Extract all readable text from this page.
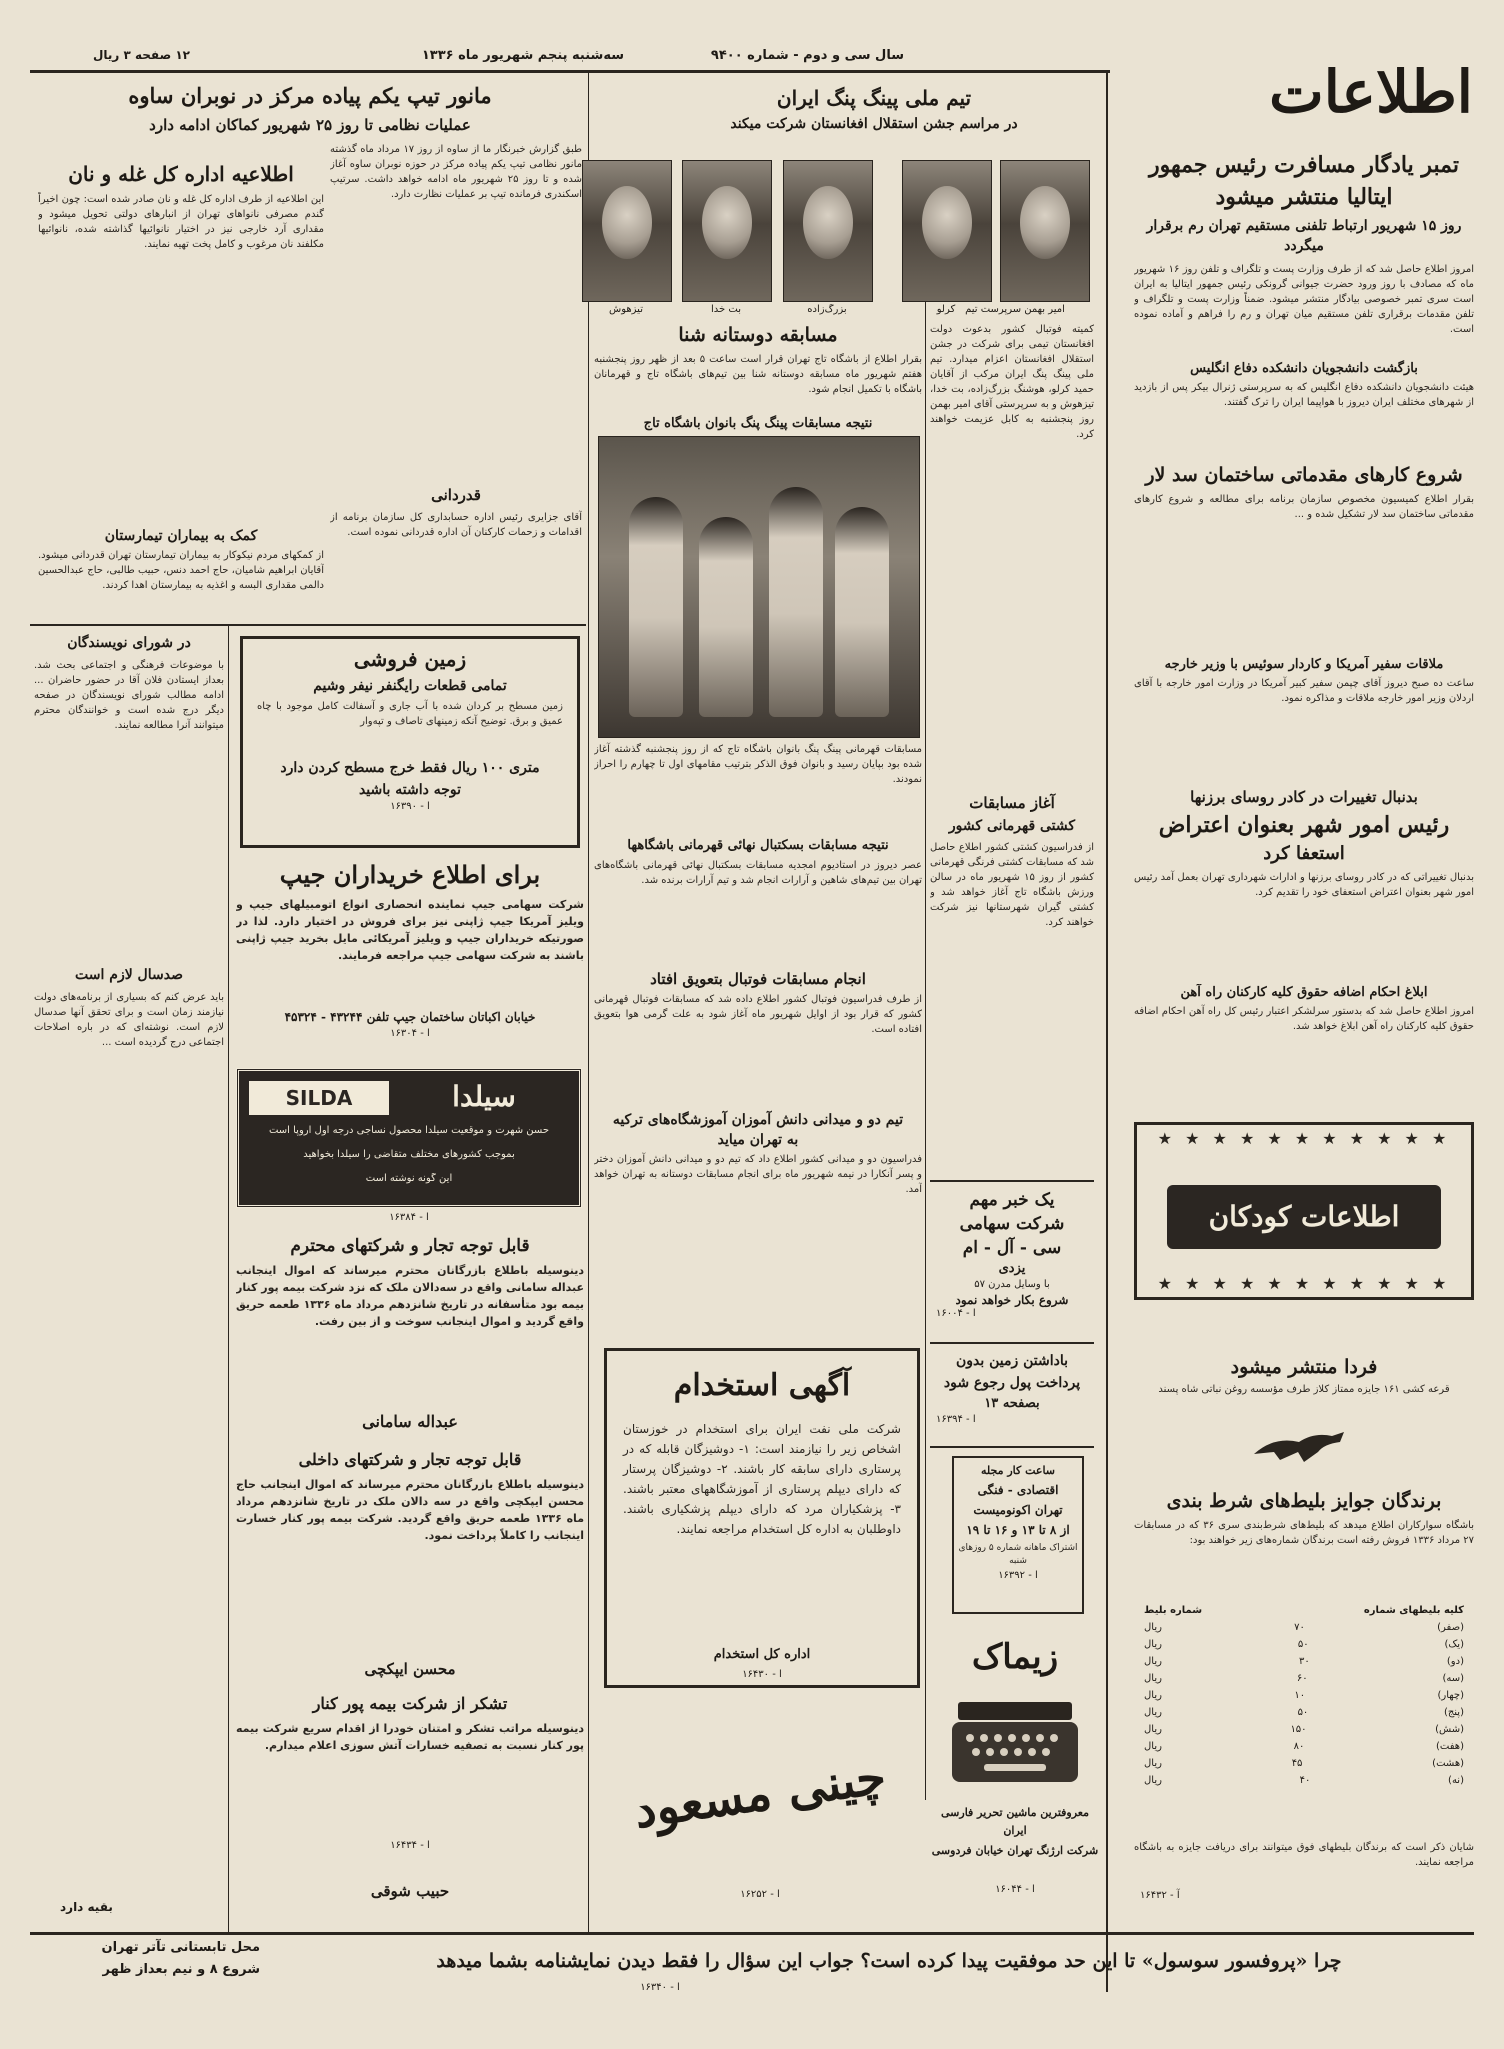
اطلاعات
سال سی و دوم - شماره ۹۴۰۰
سه‌شنبه پنجم شهریور ماه ۱۳۳۶
۱۲ صفحه ۳ ریال
تمبر یادگار مسافرت رئیس جمهور
ایتالیا منتشر میشود
روز ۱۵ شهریور ارتباط تلفنی مستقیم تهران رم برقرار میگردد
امروز اطلاع حاصل شد که از طرف وزارت پست و تلگراف و تلفن روز ۱۶ شهریور ماه که مصادف با روز ورود حضرت جیوانی گرونکی رئیس جمهور ایتالیا به ایران است سری تمبر خصوصی بیادگار منتشر میشود. ضمناً وزارت پست و تلگراف و تلفن مقدمات برقراری تلفن مستقیم میان تهران و رم را فراهم و آماده نموده است.
بازگشت دانشجویان دانشکده دفاع انگلیس
هیئت دانشجویان دانشکده دفاع انگلیس که به سرپرستی ژنرال بیکر پس از بازدید از شهرهای مختلف ایران دیروز با هواپیما ایران را ترک گفتند.
شروع کارهای مقدماتی ساختمان سد لار
بقرار اطلاع کمیسیون مخصوص سازمان برنامه برای مطالعه و شروع کارهای مقدماتی ساختمان سد لار تشکیل شده و ...
ملاقات سفیر آمریکا و کاردار سوئیس با وزیر خارجه
ساعت ده صبح دیروز آقای چپمن سفیر کبیر آمریکا در وزارت امور خارجه با آقای اردلان وزیر امور خارجه ملاقات و مذاکره نمود.
بدنبال تغییرات در کادر روسای برزنها
رئیس امور شهر بعنوان اعتراض
استعفا کرد
بدنبال تغییراتی که در کادر روسای برزنها و ادارات شهرداری تهران بعمل آمد رئیس امور شهر بعنوان اعتراض استعفای خود را تقدیم کرد.
ابلاغ احکام اضافه حقوق کلیه کارکنان راه آهن
امروز اطلاع حاصل شد که بدستور سرلشکر اعتبار رئیس کل راه آهن احکام اضافه حقوق کلیه کارکنان راه آهن ابلاغ خواهد شد.
★ ★ ★ ★ ★ ★ ★ ★ ★ ★ ★
اطلاعات کودکان
★ ★ ★ ★ ★ ★ ★ ★ ★ ★ ★
فردا منتشر میشود
قرعه کشی ۱۶۱ جایزه ممتاز کلاز طرف مؤسسه روغن نباتی شاه پسند
برندگان جوایز بلیط‌های شرط بندی
باشگاه سوارکاران اطلاع میدهد که بلیط‌های شرط‌بندی سری ۳۶ که در مسابقات ۲۷ مرداد ۱۳۳۶ فروش رفته است برندگان شماره‌های زیر خواهند بود:
کلیه بلیطهای شماره
شماره بلیط
(صفر)
۷۰
ریال
(یک)
۵۰
ریال
(دو)
۳۰
ریال
(سه)
۶۰
ریال
(چهار)
۱۰
ریال
(پنج)
۵۰
ریال
(شش)
۱۵۰
ریال
(هفت)
۸۰
ریال
(هشت)
۴۵
ریال
(نه)
۴۰
ریال
شایان ذکر است که برندگان بلیطهای فوق میتوانند برای دریافت جایزه به باشگاه مراجعه نمایند.
آ - ۱۶۴۳۲
تیم ملی پینگ پنگ ایران
در مراسم جشن استقلال افغانستان شرکت میکند
امیر بهمن سرپرست تیم
کرلو
بزرگ‌زاده
بت خدا
تیزهوش
کمیته فوتبال کشور بدعوت دولت افغانستان تیمی برای شرکت در جشن استقلال افغانستان اعزام میدارد. تیم ملی پینگ پنگ ایران مرکب از آقایان حمید کرلو، هوشنگ بزرگ‌زاده، بت خدا، تیزهوش و به سرپرستی آقای امیر بهمن روز پنجشنبه به کابل عزیمت خواهند کرد.
مسابقه دوستانه شنا
بقرار اطلاع از باشگاه تاج تهران قرار است ساعت ۵ بعد از ظهر روز پنجشنبه هفتم شهریور ماه مسابقه دوستانه شنا بین تیم‌های باشگاه تاج و قهرمانان باشگاه با تکمیل انجام شود.
نتیجه مسابقات پینگ پنگ بانوان باشگاه تاج
مسابقات قهرمانی پینگ پنگ بانوان باشگاه تاج که از روز پنجشنبه گذشته آغاز شده بود بپایان رسید و بانوان فوق الذکر بترتیب مقامهای اول تا چهارم را احراز نمودند.
نتیجه مسابقات بسکتبال نهائی قهرمانی باشگاهها
عصر دیروز در استادیوم امجدیه مسابقات بسکتبال نهائی قهرمانی باشگاه‌های تهران بین تیم‌های شاهین و آرارات انجام شد و تیم آرارات برنده شد.
انجام مسابقات فوتبال بتعویق افتاد
از طرف فدراسیون فوتبال کشور اطلاع داده شد که مسابقات فوتبال قهرمانی کشور که قرار بود از اوایل شهریور ماه آغاز شود به علت گرمی هوا بتعویق افتاده است.
تیم دو و میدانی دانش آموزان آموزشگاه‌های ترکیه
به تهران میاید
فدراسیون دو و میدانی کشور اطلاع داد که تیم دو و میدانی دانش آموزان دختر و پسر آنکارا در نیمه شهریور ماه برای انجام مسابقات دوستانه به تهران خواهد آمد.
آغاز مسابقات
کشتی قهرمانی کشور
از فدراسیون کشتی کشور اطلاع حاصل شد که مسابقات کشتی فرنگی قهرمانی کشور از روز ۱۵ شهریور ماه در سالن ورزش باشگاه تاج آغاز خواهد شد و کشتی گیران شهرستانها نیز شرکت خواهند کرد.
یک خبر مهم
شرکت سهامی
سی - آل - ام
یزدی
با وسایل مدرن ۵۷
شروع بکار خواهد نمود
آ - ۱۶۰۰۴
باداشتن زمین بدون
پرداخت پول رجوع شود
بصفحه ۱۳
آ - ۱۶۳۹۴
ساعت کار مجله
اقتصادی - فنگی
تهران اکونومیست
از ۸ تا ۱۳ و ۱۶ تا ۱۹
اشتراک ماهانه شماره ۵ روزهای شنبه
آ - ۱۶۳۹۲
زیماک
معروفترین ماشین تحریر فارسی ایران
شرکت ارژنگ تهران خیابان فردوسی
آ - ۱۶۰۴۴
آگهی استخدام
شرکت ملی نفت ایران برای استخدام در خوزستان اشخاص زیر را نیازمند است: ۱- دوشیزگان قابله که در پرستاری دارای سابقه کار باشند. ۲- دوشیزگان پرستار که دارای دیپلم پرستاری از آموزشگاههای معتبر باشند. ۳- پزشکیاران مرد که دارای دیپلم پزشکیاری باشند. داوطلبان به اداره کل استخدام مراجعه نمایند.
اداره کل استخدام
آ - ۱۶۴۳۰
چینی مسعود
آ - ۱۶۲۵۲
مانور تیپ یکم پیاده مرکز در نوبران ساوه
عملیات نظامی تا روز ۲۵ شهریور کماکان ادامه دارد
طبق گزارش خبرنگار ما از ساوه از روز ۱۷ مرداد ماه گذشته مانور نظامی تیپ یکم پیاده مرکز در حوزه نوبران ساوه آغاز شده و تا روز ۲۵ شهریور ماه ادامه خواهد داشت. سرتیپ اسکندری فرمانده تیپ بر عملیات نظارت دارد.
اطلاعیه اداره کل غله و نان
این اطلاعیه از طرف اداره کل غله و نان صادر شده است: چون اخیراً گندم مصرفی نانواهای تهران از انبارهای دولتی تحویل میشود و مقداری آرد خارجی نیز در اختیار نانوائیها گذاشته شده، نانوائیها مکلفند نان مرغوب و کامل پخت تهیه نمایند.
قدردانی
آقای جزایری رئیس اداره حسابداری کل سازمان برنامه از اقدامات و زحمات کارکنان آن اداره قدردانی نموده است.
کمک به بیماران تیمارستان
از کمکهای مردم نیکوکار به بیماران تیمارستان تهران قدردانی میشود. آقایان ابراهیم شامیان، حاج احمد دنس، حبیب طالبی، حاج عبدالحسین دالمی مقداری البسه و اغذیه به بیمارستان اهدا کردند.
در شورای نویسندگان
با موضوعات فرهنگی و اجتماعی بحث شد. بعداز ایستادن فلان آقا در حضور حاضران ... ادامه مطالب شورای نویسندگان در صفحه دیگر درج شده است و خوانندگان محترم میتوانند آنرا مطالعه نمایند.
صدسال لازم است
باید عرض کنم که بسیاری از برنامه‌های دولت نیازمند زمان است و برای تحقق آنها صدسال لازم است. نوشته‌ای که در باره اصلاحات اجتماعی درج گردیده است ...
بقیه دارد
زمین فروشی
تمامی قطعات رایگنفر نیفر وشیم
زمین مسطح بر کردان شده با آب جاری و آسفالت کامل موجود با چاه عمیق و برق. توضیح آنکه زمینهای تاصاف و تپه‌وار
متری ۱۰۰ ریال فقط خرج مسطح کردن دارد
توجه داشته باشید
آ - ۱۶۳۹۰
برای اطلاع خریداران جیپ
شرکت سهامی جیپ نماینده انحصاری انواع اتومبیلهای جیپ و ویلیز آمریکا جیپ ژاپنی نیز برای فروش در اختیار دارد. لذا در صورتیکه خریداران جیپ و ویلیز آمریکائی مایل بخرید جیپ ژاپنی باشند به شرکت سهامی جیپ مراجعه فرمایند.
خیابان اکباتان ساختمان جیپ تلفن ۴۳۲۴۴ - ۴۵۳۲۴
آ - ۱۶۳۰۴
SILDA	سیلدا
حسن شهرت و موقعیت سیلدا محصول نساجی درجه اول اروپا است
بموجب کشورهای مختلف متقاضی را سیلدا بخواهید
این گونه نوشته است
آ - ۱۶۳۸۴
قابل توجه تجار و شرکتهای محترم
دینوسیله باطلاع بازرگانان محترم میرساند که اموال اینجانب عبداله سامانی واقع در سه‌دالان ملک که نزد شرکت بیمه پور کنار بیمه بود متأسفانه در تاریخ شانزدهم مرداد ماه ۱۳۳۶ طعمه حریق واقع گردید و اموال اینجانب سوخت و از بین رفت.
عبداله سامانی
قابل توجه تجار و شرکتهای داخلی
دینوسیله باطلاع بازرگانان محترم میرساند که اموال اینجانب حاج محسن ایپکچی واقع در سه دالان ملک در تاریخ شانزدهم مرداد ماه ۱۳۳۶ طعمه حریق واقع گردید. شرکت بیمه پور کنار خسارت اینجانب را کاملاً پرداخت نمود.
محسن ایپکچی
تشکر از شرکت بیمه پور کنار
دینوسیله مراتب تشکر و امتنان خودرا از اقدام سریع شرکت بیمه پور کنار نسبت به تصفیه خسارات آتش سوزی اعلام میدارم.
آ - ۱۶۴۳۴
حبیب شوقی
چرا «پروفسور سوسول» تا این حد موفقیت پیدا کرده است؟ جواب این سؤال را فقط دیدن نمایشنامه بشما میدهد
محل تابستانی تآتر تهران
شروع ۸ و نیم بعداز ظهر
آ - ۱۶۳۴۰
